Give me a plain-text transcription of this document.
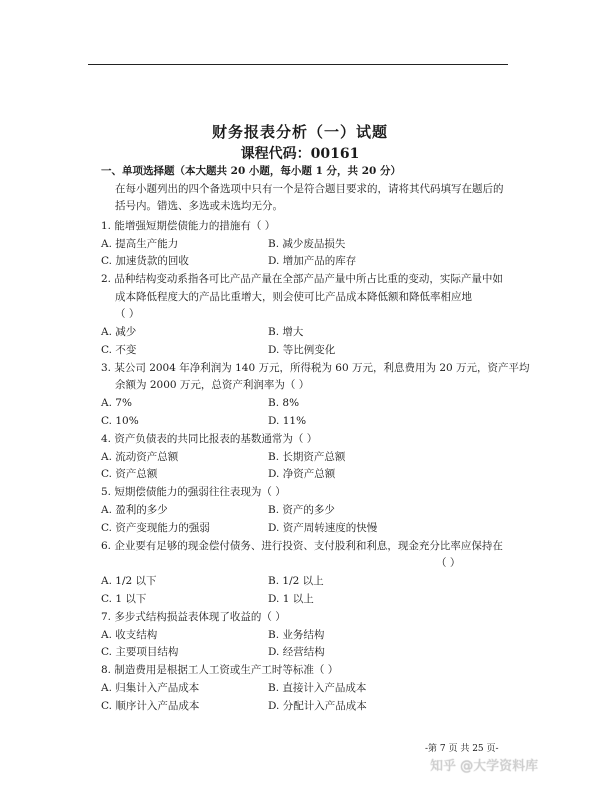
财务报表分析（一）试题
课程代码：00161
一、单项选择题（本大题共 20 小题，每小题 1 分，共 20 分）
在每小题列出的四个备选项中只有一个是符合题目要求的，请将其代码填写在题后的
括号内。错选、多选或未选均无分。
1. 能增强短期偿债能力的措施有（ ）
A. 提高生产能力	B. 减少废品损失
C. 加速货款的回收	D. 增加产品的库存
2. 品种结构变动系指各可比产品产量在全部产品产量中所占比重的变动，实际产量中如
成本降低程度大的产品比重增大，则会使可比产品成本降低额和降低率相应地
（ ）
A. 减少	B. 增大
C. 不变	D. 等比例变化
3. 某公司 2004 年净利润为 140 万元，所得税为 60 万元，利息费用为 20 万元，资产平均
余额为 2000 万元，总资产利润率为（ ）
A. 7%	B. 8%
C. 10%	D. 11%
4. 资产负债表的共同比报表的基数通常为（ ）
A. 流动资产总额	B. 长期资产总额
C. 资产总额	D. 净资产总额
5. 短期偿债能力的强弱往往表现为（ ）
A. 盈利的多少	B. 资产的多少
C. 资产变现能力的强弱	D. 资产周转速度的快慢
6. 企业要有足够的现金偿付债务、进行投资、支付股利和利息，现金充分比率应保持在
（ ）
A. 1/2 以下	B. 1/2 以上
C. 1 以下	D. 1 以上
7. 多步式结构损益表体现了收益的（ ）
A. 收支结构	B. 业务结构
C. 主要项目结构	D. 经营结构
8. 制造费用是根据工人工资或生产工时等标准（ ）
A. 归集计入产品成本	B. 直接计入产品成本
C. 顺序计入产品成本	D. 分配计入产品成本
-第 7 页 共 25 页-
知乎 @大学资料库
